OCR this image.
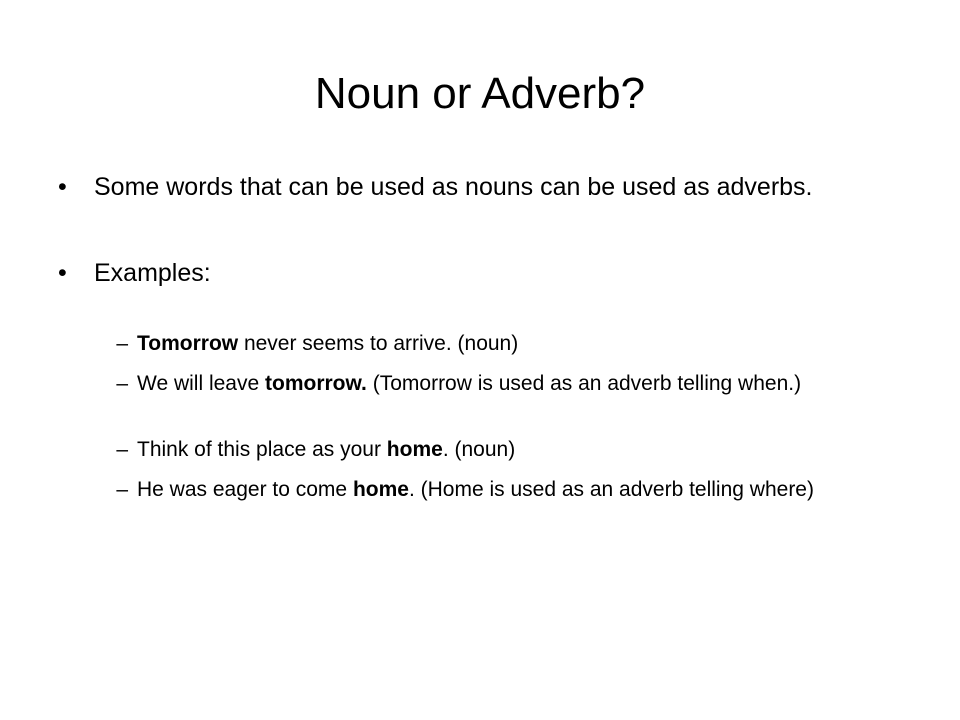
Noun or Adverb?
• Some words that can be used as nouns can be used as adverbs.
• Examples:
– Tomorrow never seems to arrive. (noun)
– We will leave tomorrow. (Tomorrow is used as an adverb telling when.)
– Think of this place as your home. (noun)
– He was eager to come home. (Home is used as an adverb telling where)
